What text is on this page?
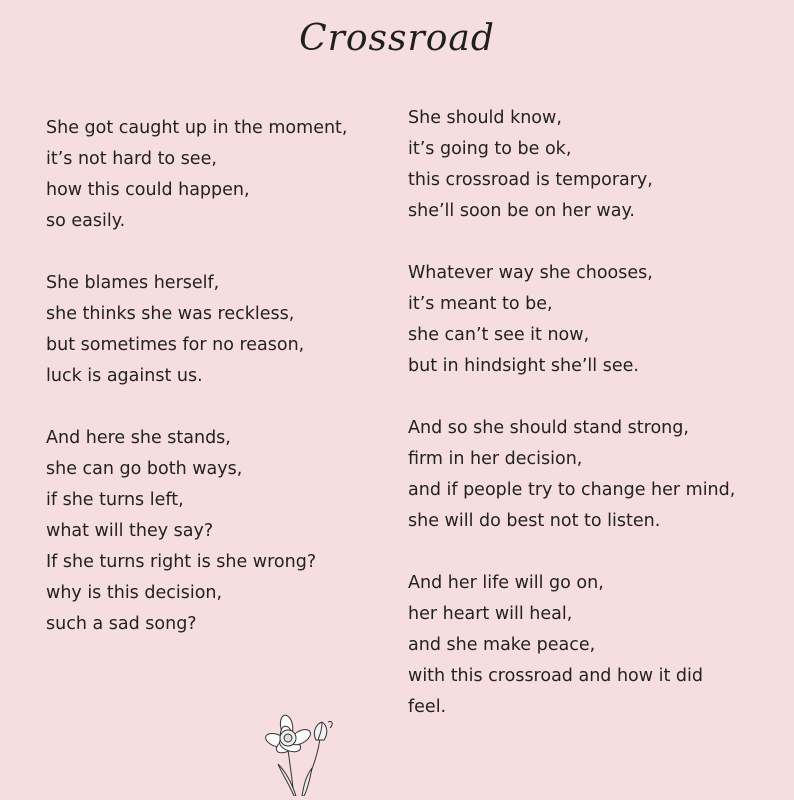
Crossroad
She got caught up in the moment,
it’s not hard to see,
how this could happen,
so easily.
She blames herself,
she thinks she was reckless,
but sometimes for no reason,
luck is against us.
And here she stands,
she can go both ways,
if she turns left,
what will they say?
If she turns right is she wrong?
why is this decision,
such a sad song?
She should know,
it’s going to be ok,
this crossroad is temporary,
she’ll soon be on her way.
Whatever way she chooses,
it’s meant to be,
she can’t see it now,
but in hindsight she’ll see.
And so she should stand strong,
firm in her decision,
and if people try to change her mind,
she will do best not to listen.
And her life will go on,
her heart will heal,
and she make peace,
with this crossroad and how it did
feel.
